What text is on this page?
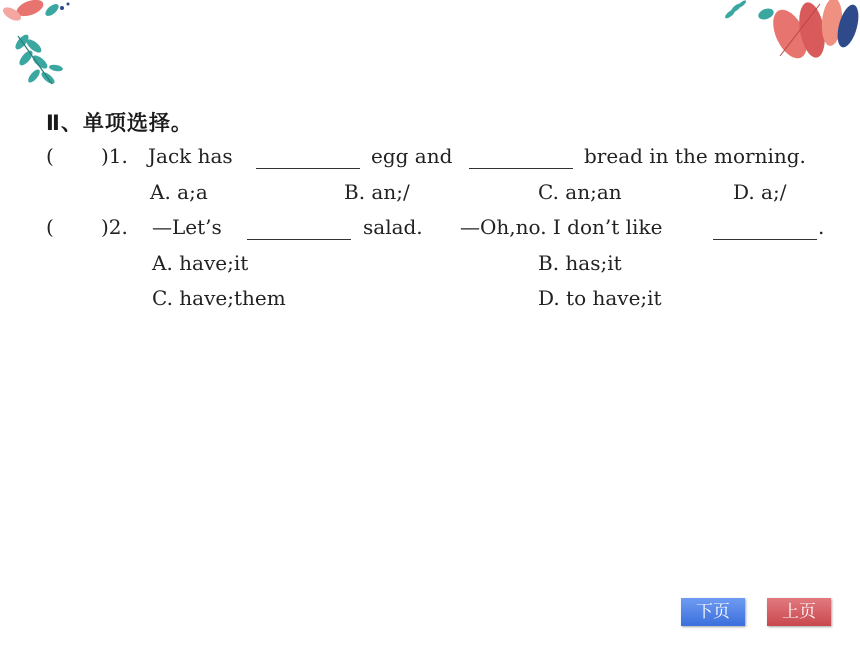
Ⅱ、单项选择。
( )1. Jack has	egg and	bread in the morning.
A. a;a	B. an;/	C. an;an	D. a;/
( )2. —Let’s	salad. —Oh,no. I don’t like	.
A. have;it	B. has;it
C. have;them	D. to have;it
下页	上页
